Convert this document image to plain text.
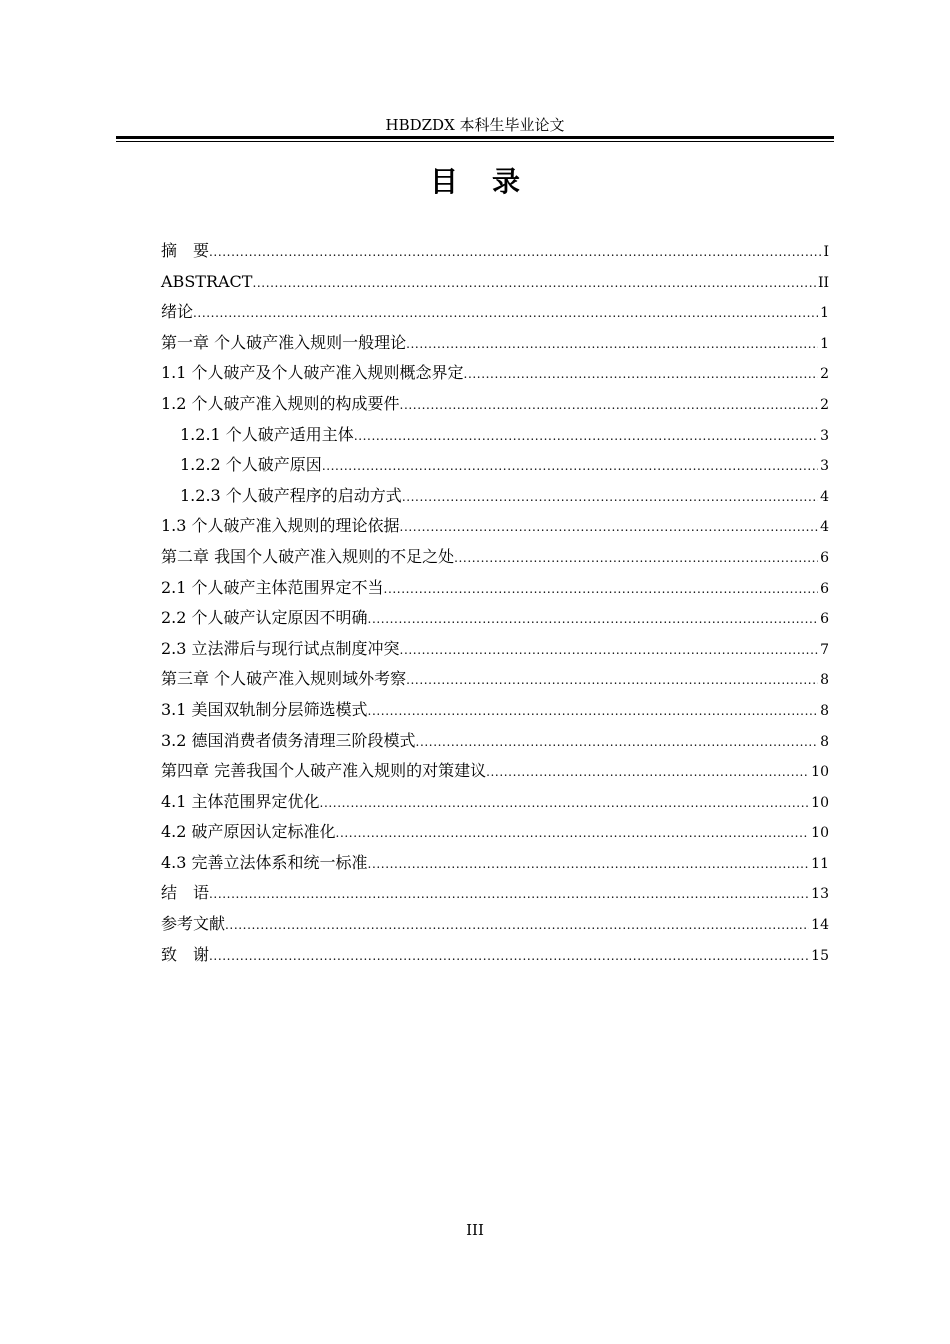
HBDZDX 本科生毕业论文
目录
摘　要 .....	I
ABSTRACT .....	II
绪论 .....	1
第一章 个人破产准入规则一般理论 .....	1
1.1 个人破产及个人破产准入规则概念界定 .....	2
1.2 个人破产准入规则的构成要件 .....	2
1.2.1 个人破产适用主体 .....	3
1.2.2 个人破产原因 .....	3
1.2.3 个人破产程序的启动方式 .....	4
1.3 个人破产准入规则的理论依据 .....	4
第二章 我国个人破产准入规则的不足之处 .....	6
2.1 个人破产主体范围界定不当 .....	6
2.2 个人破产认定原因不明确 .....	6
2.3 立法滞后与现行试点制度冲突 .....	7
第三章 个人破产准入规则域外考察 .....	8
3.1 美国双轨制分层筛选模式 .....	8
3.2 德国消费者债务清理三阶段模式 .....	8
第四章 完善我国个人破产准入规则的对策建议 .....	10
4.1 主体范围界定优化 .....	10
4.2 破产原因认定标准化 .....	10
4.3 完善立法体系和统一标准 .....	11
结　语 .....	13
参考文献 .....	14
致　谢 .....	15
III
